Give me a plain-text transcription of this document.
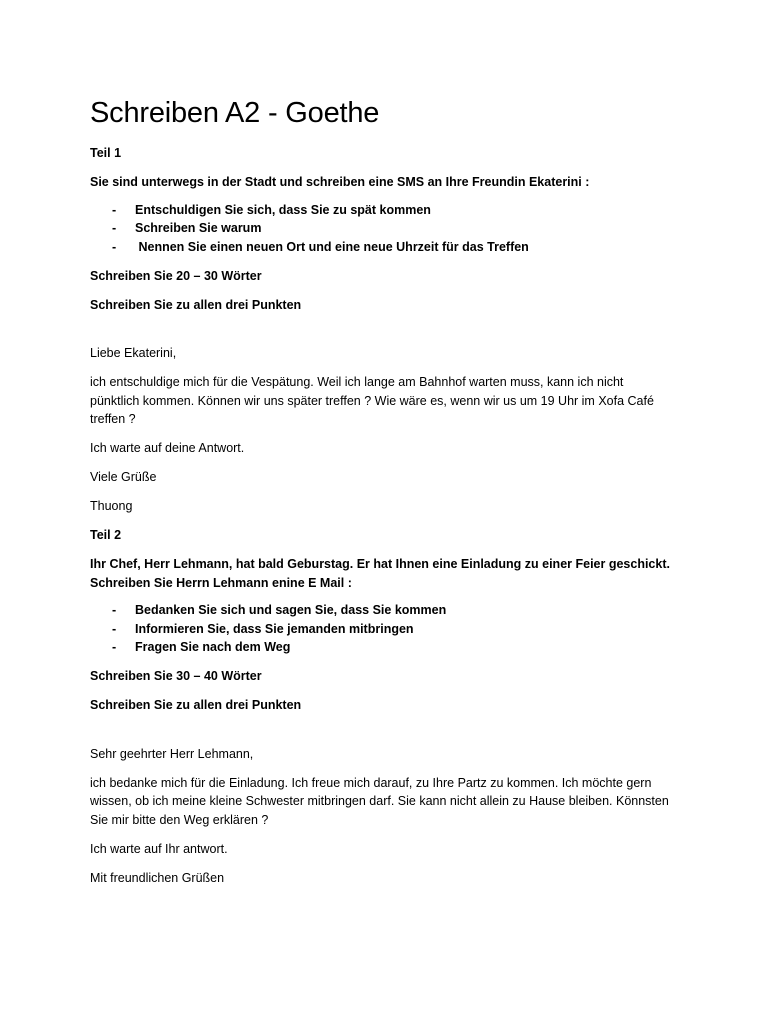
Schreiben A2 - Goethe

Teil 1

Sie sind unterwegs in der Stadt und schreiben eine SMS an Ihre Freundin Ekaterini :

- Entschuldigen Sie sich, dass Sie zu spät kommen
- Schreiben Sie warum
- Nennen Sie einen neuen Ort und eine neue Uhrzeit für das Treffen

Schreiben Sie 20 – 30 Wörter

Schreiben Sie zu allen drei Punkten

Liebe Ekaterini,

ich entschuldige mich für die Vespätung. Weil ich lange am Bahnhof warten muss, kann ich nicht

pünktlich kommen. Können wir uns später treffen ? Wie wäre es, wenn wir us um 19 Uhr im Xofa Café

treffen ?

Ich warte auf deine Antwort.

Viele Grüße

Thuong

Teil 2

Ihr Chef, Herr Lehmann, hat bald Geburstag. Er hat Ihnen eine Einladung zu einer Feier geschickt.

Schreiben Sie Herrn Lehmann enine E Mail :

- Bedanken Sie sich und sagen Sie, dass Sie kommen
- Informieren Sie, dass Sie jemanden mitbringen
- Fragen Sie nach dem Weg

Schreiben Sie 30 – 40 Wörter

Schreiben Sie zu allen drei Punkten

Sehr geehrter Herr Lehmann,

ich bedanke mich für die Einladung. Ich freue mich darauf, zu Ihre Partz zu kommen. Ich möchte gern

wissen, ob ich meine kleine Schwester mitbringen darf. Sie kann nicht allein zu Hause bleiben. Könnsten

Sie mir bitte den Weg erklären ?

Ich warte auf Ihr antwort.

Mit freundlichen Grüßen
